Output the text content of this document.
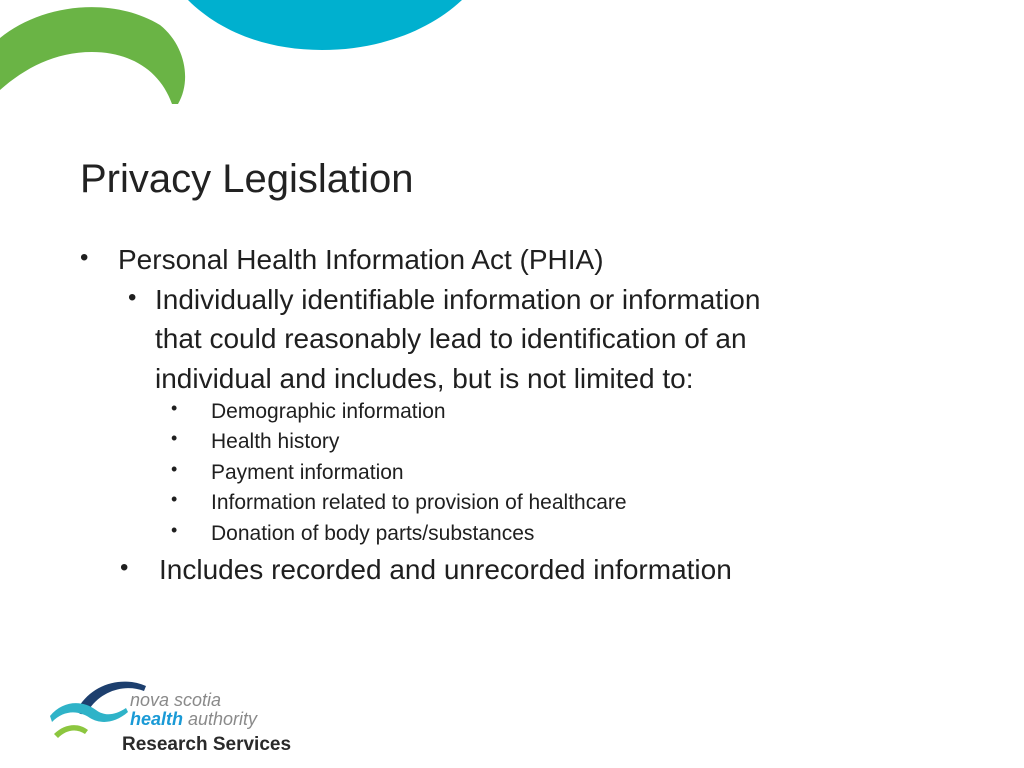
Privacy Legislation
• Personal Health Information Act (PHIA)
• Individually identifiable information or information
that could reasonably lead to identification of an
individual and includes, but is not limited to:
• Demographic information
• Health history
• Payment information
• Information related to provision of healthcare
• Donation of body parts/substances
• Includes recorded and unrecorded information
nova scotia
health authority
Research Services
